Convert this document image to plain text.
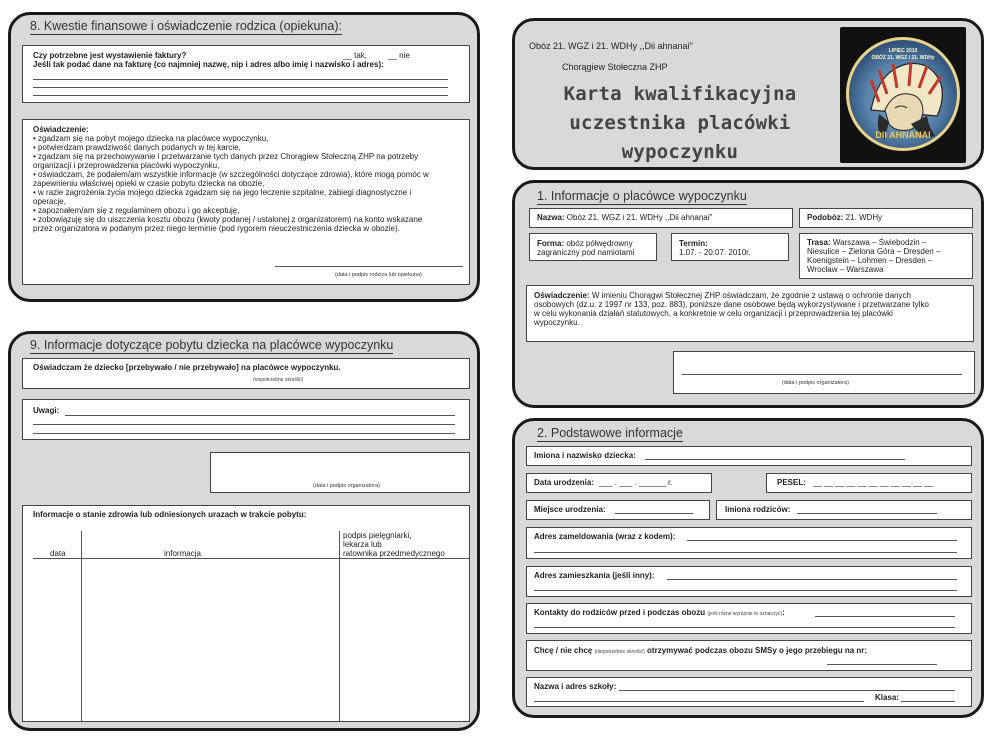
8. Kwestie finansowe i oświadczenie rodzica (opiekuna):
Czy potrzebne jest wystawienie faktury?	__ tak,	__ nie
Jeśli tak podać dane na fakturę (co najmniej nazwę, nip i adres albo imię i nazwisko i adres):
Oświadczenie:
• zgadzam się na pobyt mojego dziecka na placówce wypoczynku,
• potwierdzam prawdziwość danych podanych w tej karcie,
• zgadzam się na przechowywanie i przetwarzanie tych danych przez Chorągiew Stołeczną ZHP na potrzeby
organizacji i przeprowadzenia placówki wypoczynku,
• oświadczam, że podałem/am wszystkie informacje (w szczególności dotyczące zdrowia), które mogą pomóc w
zapewnieniu właściwej opieki w czasie pobytu dziecka na obozie,
• w razie zagrożenia życia mojego dziecka zgadzam się na jego leczenie szpitalne, zabiegi diagnostyczne i
operacje,
• zapoznałem/am się z regulaminem obozu i go akceptuję,
• zobowiązuję się do uiszczenia kosztu obozu (kwoty podanej / ustalonej z organizatorem) na konto wskazane
przez organizatora w podanym przez niego terminie (pod rygorem nieuczestniczenia dziecka w obozie).
(data i podpis rodzica lub opiekuna)
9. Informacje dotyczące pobytu dziecka na placówce wypoczynku
Oświadczam że dziecko [przebywało / nie przebywało] na placówce wypoczynku.
(niepotrzebne skreślić)
Uwagi:
(data i podpis organizatora)
Informacje o stanie zdrowia lub odniesionych urazach w trakcie pobytu:
data	informacja
podpis pielęgniarki,
lekarza lub
ratownika przedmedycznego
Obóz 21. WGZ i 21. WDHy ,,Dii ahnanai"
Chorągiew Stołeczna ZHP
Karta kwalifikacyjna
uczestnika placówki
wypoczynku
LIPIEC 2010
OBÓZ 21. WGZ i 21. WDHy
DII AHNANAI
1. Informacje o placówce wypoczynku
Nazwa: Obóz 21. WGZ i 21. WDHy ,,Dii ahnanai"	Podobóz: 21. WDHy
Forma: obóz półwędrowny
zagraniczny pod namiotami
Termin:
1.07. - 20.07. 2010r.
Trasa: Warszawa – Świebodzin –
Niesulice – Zielona Góra – Dresden –
Koenigstein – Lohmen – Dresden –
Wrocław – Warszawa
Oświadczenie: W imieniu Chorągwi Stołecznej ZHP oświadczam, że zgodnie z ustawą o ochronie danych
osobowych (dz.u. z 1997 nr 133, poz. 883), poniższe dane osobowe będą wykorzystywane i przetwarzane tylko
w celu wykonania działań statutowych, a konkretnie w celu organizacji i przeprowadzenia tej placówki
wypoczynku.
(data i podpis organizatora)
2. Podstawowe informacje
Imiona i nazwisko dziecka:
Data urodzenia: ___ . ___ . ______ r.	PESEL: __ __ __ __ __ __ __ __ __ __ __
Miejsce urodzenia:	Imiona rodziców:
Adres zameldowania (wraz z kodem):
Adres zamieszkania (jeśli inny):
Kontakty do rodziców przed i podczas obozu (jeśli różne wyraźnie to oznaczyć):
Chcę / nie chcę (niepotrzebne skreślić) otrzymywać podczas obozu SMSy o jego przebiegu na nr:
Nazwa i adres szkoły:
Klasa:
